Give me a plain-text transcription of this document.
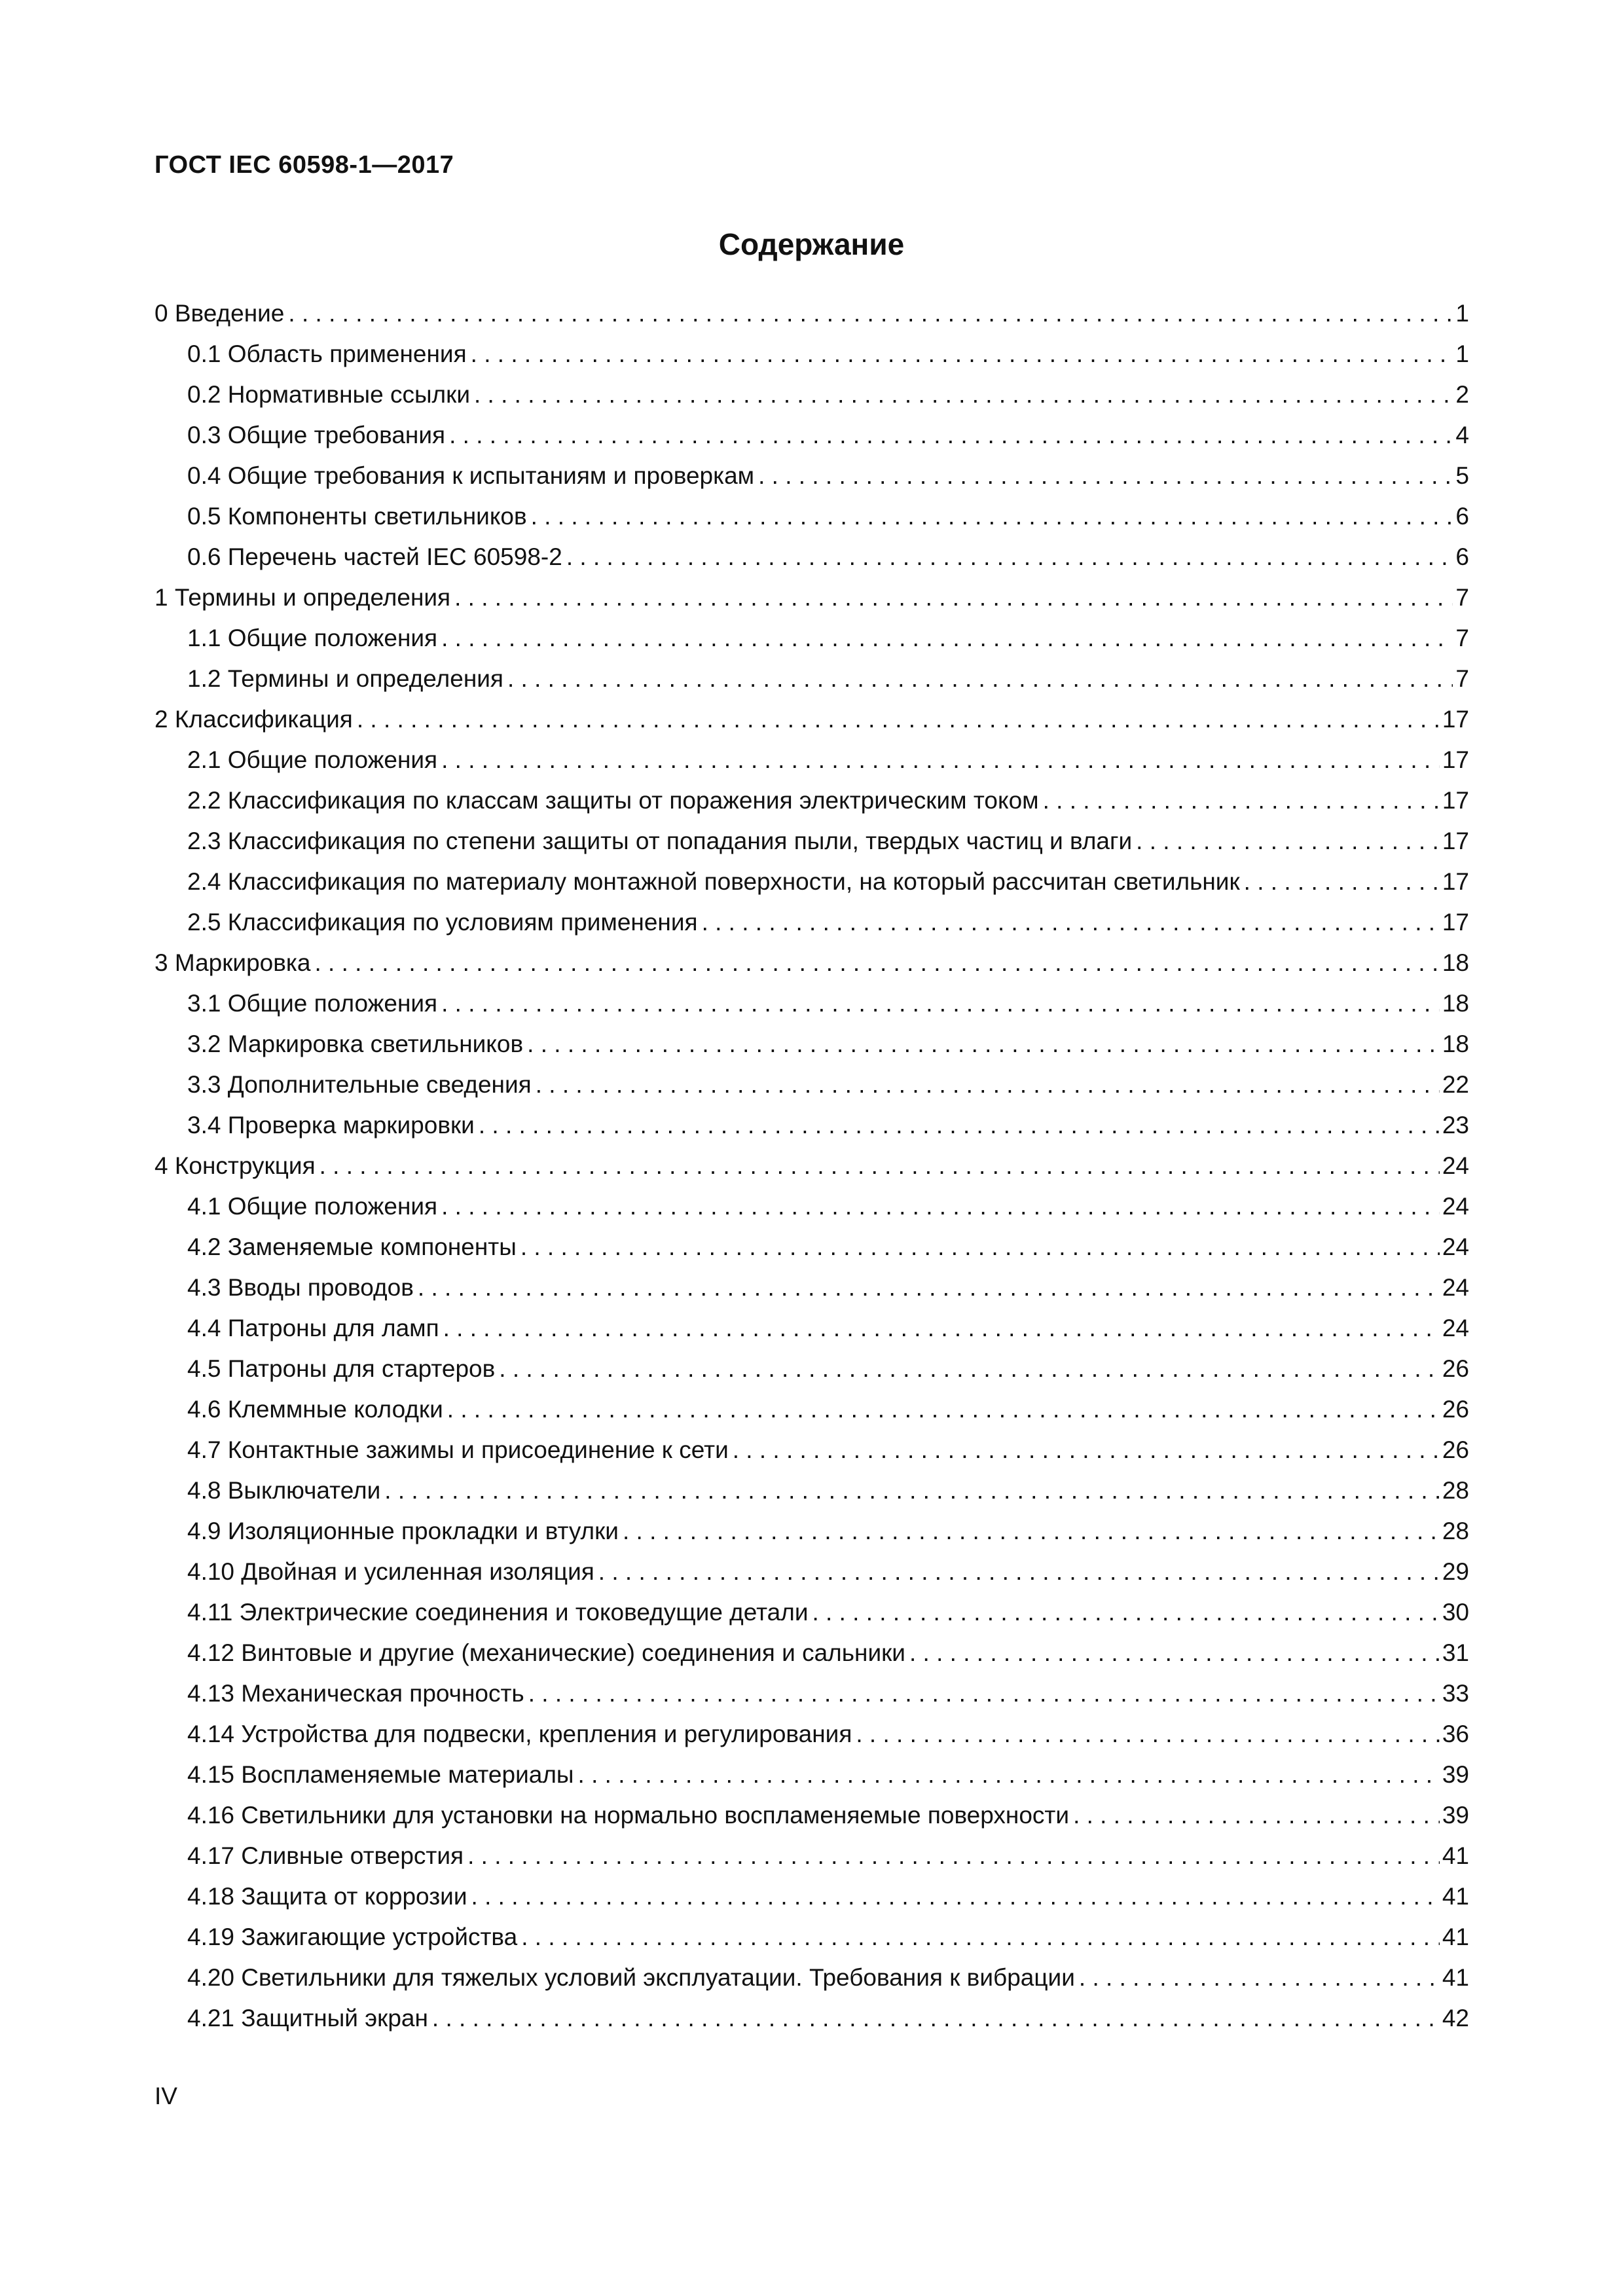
ГОСТ IEC 60598-1—2017
Содержание
0 Введение . . .	1
0.1 Область применения . . .	1
0.2 Нормативные ссылки . . .	2
0.3 Общие требования . . .	4
0.4 Общие требования к испытаниям и проверкам . . .	5
0.5 Компоненты светильников . . .	6
0.6 Перечень частей IEC 60598-2 . . .	6
1 Термины и определения . . .	7
1.1 Общие положения . . .	7
1.2 Термины и определения . . .	7
2 Классификация . . .	17
2.1 Общие положения . . .	17
2.2 Классификация по классам защиты от поражения электрическим током . . .	17
2.3 Классификация по степени защиты от попадания пыли, твердых частиц и влаги . . .	17
2.4 Классификация по материалу монтажной поверхности, на который рассчитан светильник . . .	17
2.5 Классификация по условиям применения . . .	17
3 Маркировка . . .	18
3.1 Общие положения . . .	18
3.2 Маркировка светильников . . .	18
3.3 Дополнительные сведения . . .	22
3.4 Проверка маркировки . . .	23
4 Конструкция . . .	24
4.1 Общие положения . . .	24
4.2 Заменяемые компоненты . . .	24
4.3 Вводы проводов . . .	24
4.4 Патроны для ламп . . .	24
4.5 Патроны для стартеров . . .	26
4.6 Клеммные колодки . . .	26
4.7 Контактные зажимы и присоединение к сети . . .	26
4.8 Выключатели . . .	28
4.9 Изоляционные прокладки и втулки . . .	28
4.10 Двойная и усиленная изоляция . . .	29
4.11 Электрические соединения и токоведущие детали . . .	30
4.12 Винтовые и другие (механические) соединения и сальники . . .	31
4.13 Механическая прочность . . .	33
4.14 Устройства для подвески, крепления и регулирования . . .	36
4.15 Воспламеняемые материалы . . .	39
4.16 Светильники для установки на нормально воспламеняемые поверхности . . .	39
4.17 Сливные отверстия . . .	41
4.18 Защита от коррозии . . .	41
4.19 Зажигающие устройства . . .	41
4.20 Светильники для тяжелых условий эксплуатации. Требования к вибрации . . .	41
4.21 Защитный экран . . .	42
IV
